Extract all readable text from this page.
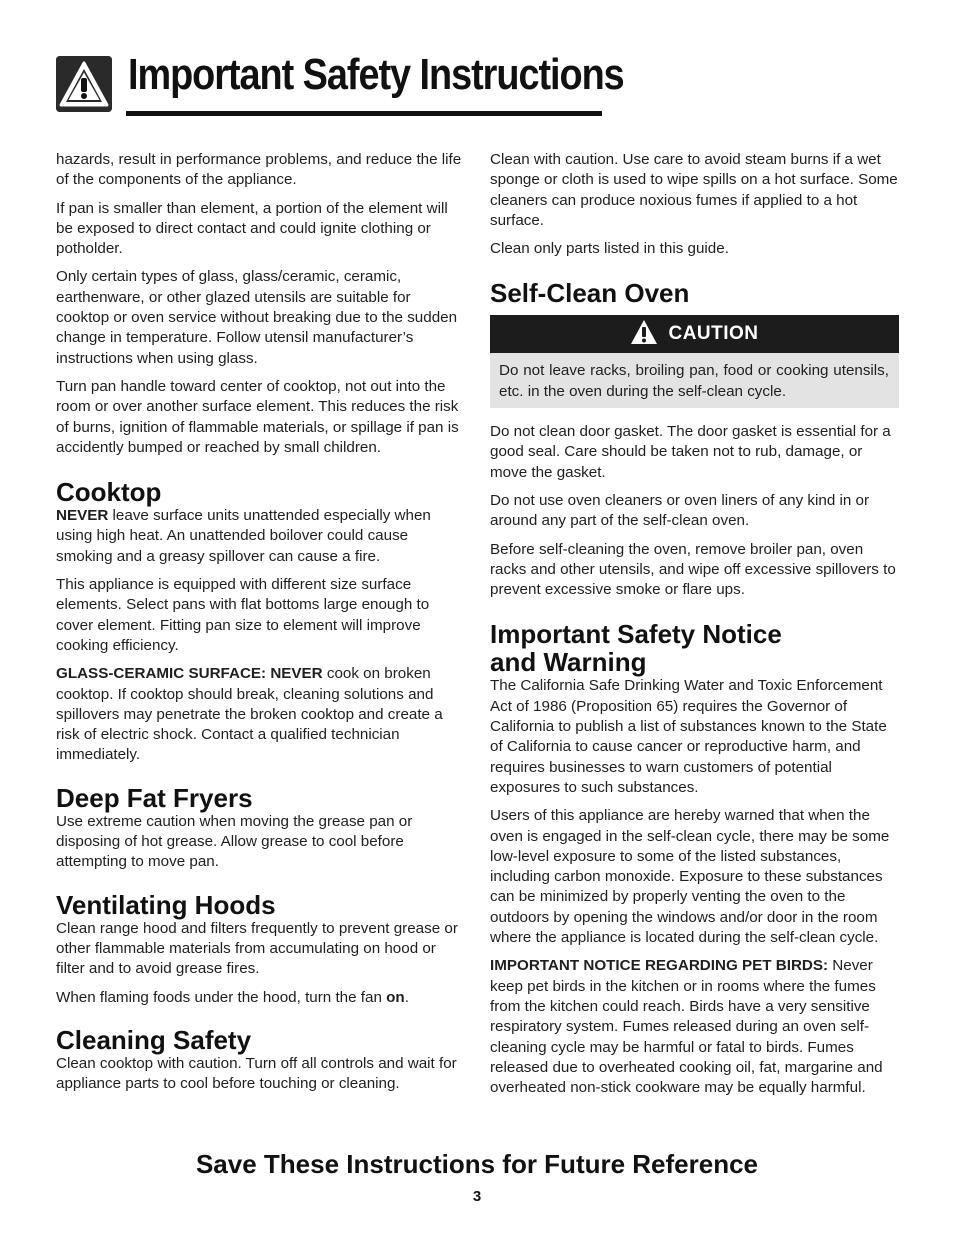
Important Safety Instructions

hazards, result in performance problems, and reduce the life of the components of the appliance.

If pan is smaller than element, a portion of the element will be exposed to direct contact and could ignite clothing or potholder.

Only certain types of glass, glass/ceramic, ceramic, earthenware, or other glazed utensils are suitable for cooktop or oven service without breaking due to the sudden change in temperature. Follow utensil manufacturer’s instructions when using glass.

Turn pan handle toward center of cooktop, not out into the room or over another surface element. This reduces the risk of burns, ignition of flammable materials, or spillage if pan is accidently bumped or reached by small children.

Cooktop

NEVER leave surface units unattended especially when using high heat. An unattended boilover could cause smoking and a greasy spillover can cause a fire.

This appliance is equipped with different size surface elements. Select pans with flat bottoms large enough to cover element. Fitting pan size to element will improve cooking efficiency.

GLASS-CERAMIC SURFACE: NEVER cook on broken cooktop. If cooktop should break, cleaning solutions and spillovers may penetrate the broken cooktop and create a risk of electric shock. Contact a qualified technician immediately.

Deep Fat Fryers

Use extreme caution when moving the grease pan or disposing of hot grease. Allow grease to cool before attempting to move pan.

Ventilating Hoods

Clean range hood and filters frequently to prevent grease or other flammable materials from accumulating on hood or filter and to avoid grease fires.

When flaming foods under the hood, turn the fan on.

Cleaning Safety

Clean cooktop with caution. Turn off all controls and wait for appliance parts to cool before touching or cleaning.

Clean with caution. Use care to avoid steam burns if a wet sponge or cloth is used to wipe spills on a hot surface. Some cleaners can produce noxious fumes if applied to a hot surface.

Clean only parts listed in this guide.

Self-Clean Oven
CAUTION
Do not leave racks, broiling pan, food or cooking utensils, etc. in the oven during the self-clean cycle.

Do not clean door gasket. The door gasket is essential for a good seal. Care should be taken not to rub, damage, or move the gasket.

Do not use oven cleaners or oven liners of any kind in or around any part of the self-clean oven.

Before self-cleaning the oven, remove broiler pan, oven racks and other utensils, and wipe off excessive spillovers to prevent excessive smoke or flare ups.

Important Safety Notice
and Warning

The California Safe Drinking Water and Toxic Enforcement Act of 1986 (Proposition 65) requires the Governor of California to publish a list of substances known to the State of California to cause cancer or reproductive harm, and requires businesses to warn customers of potential exposures to such substances.

Users of this appliance are hereby warned that when the oven is engaged in the self-clean cycle, there may be some low-level exposure to some of the listed substances, including carbon monoxide. Exposure to these substances can be minimized by properly venting the oven to the outdoors by opening the windows and/or door in the room where the appliance is located during the self-clean cycle.

IMPORTANT NOTICE REGARDING PET BIRDS: Never keep pet birds in the kitchen or in rooms where the fumes from the kitchen could reach. Birds have a very sensitive respiratory system. Fumes released during an oven self-cleaning cycle may be harmful or fatal to birds. Fumes released due to overheated cooking oil, fat, margarine and overheated non-stick cookware may be equally harmful.

Save These Instructions for Future Reference
3
